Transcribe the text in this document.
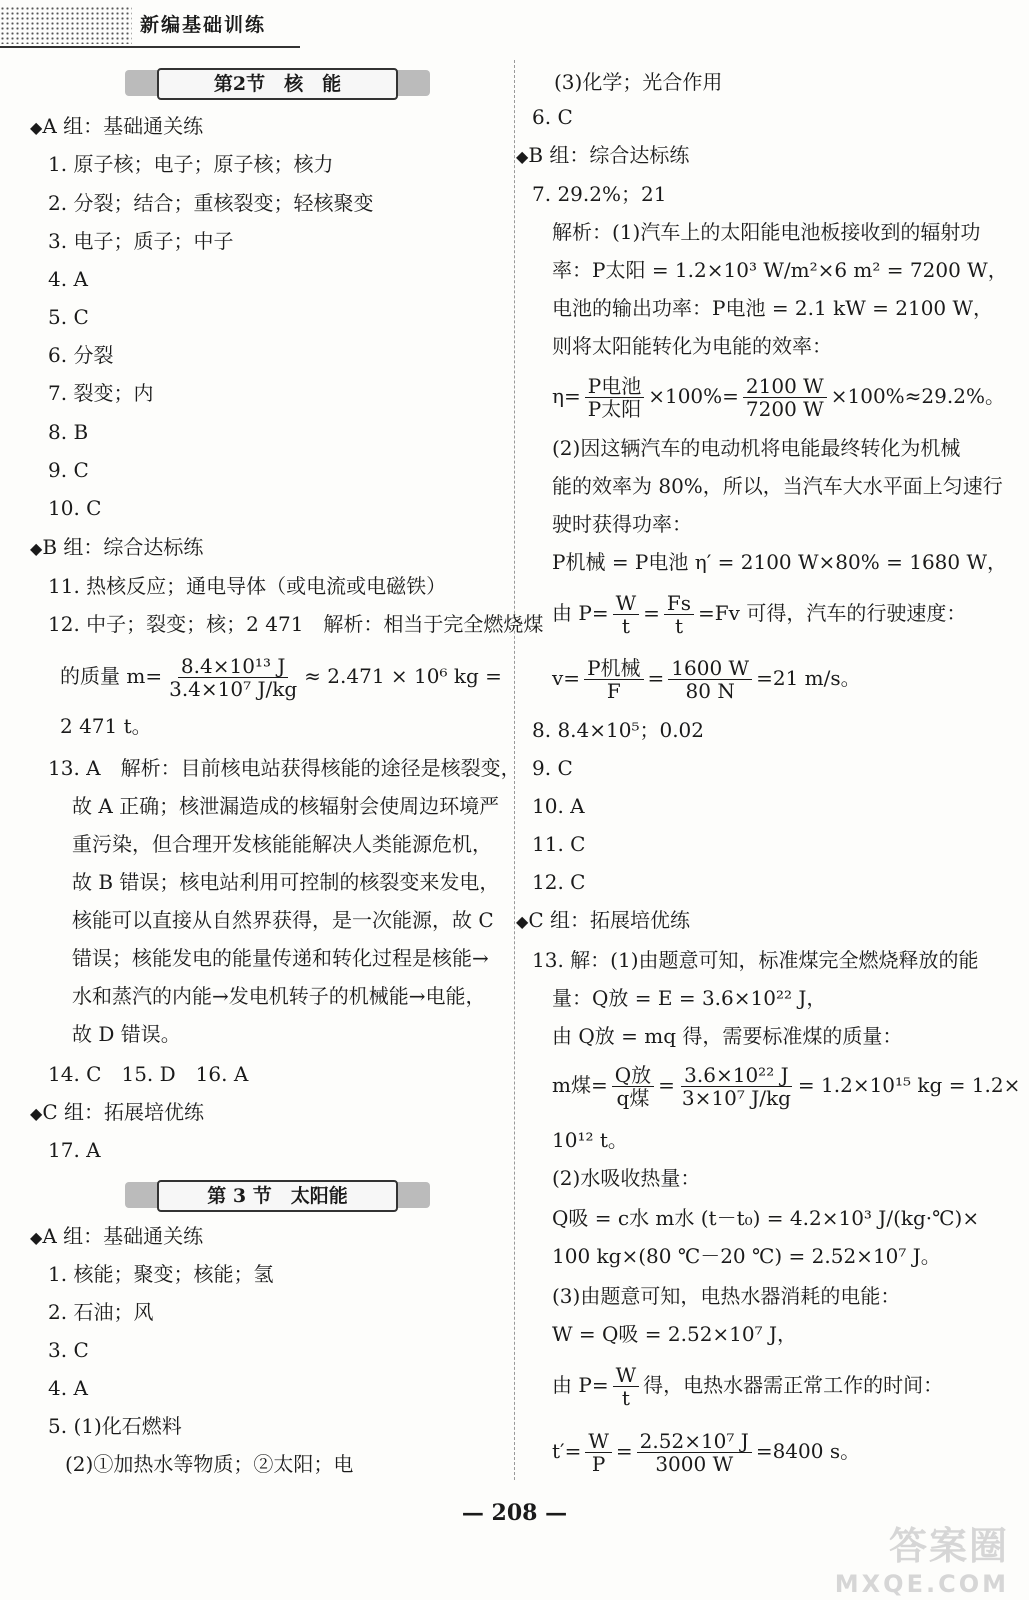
新编基础训练
第2节　核　能
◆A 组：基础通关练
1. 原子核；电子；原子核；核力
2. 分裂；结合；重核裂变；轻核聚变
3. 电子；质子；中子
4. A
5. C
6. 分裂
7. 裂变；内
8. B
9. C
10. C
◆B 组：综合达标练
11. 热核反应；通电导体（或电流或电磁铁）
12. 中子；裂变；核；2 471　解析：相当于完全燃烧煤
的质量 $m= \frac{\text{8.4×10¹³ J}}{\text{3.4×10⁷ J/kg}} \approx 2.471 \times 10^6$ kg =
2 471 t。
13. A　解析：目前核电站获得核能的途径是核裂变，
故 A 正确；核泄漏造成的核辐射会使周边环境严
重污染，但合理开发核能能解决人类能源危机，
故 B 错误；核电站利用可控制的核裂变来发电，
核能可以直接从自然界获得，是一次能源，故 C
错误；核能发电的能量传递和转化过程是核能→
水和蒸汽的内能→发电机转子的机械能→电能，
故 D 错误。
14. C　15. D　16. A
◆C 组：拓展培优练
17. A
第 3 节　太阳能
◆A 组：基础通关练
1. 核能；聚变；核能；氢
2. 石油；风
3. C
4. A
5. (1)化石燃料
(2)①加热水等物质；②太阳；电
(3)化学；光合作用
6. C
◆B 组：综合达标练
7. 29.2%；21
解析：(1)汽车上的太阳能电池板接收到的辐射功
率：P太阳 = 1.2×10³ W/m²×6 m² = 7200 W，
电池的输出功率：P电池 = 2.1 kW = 2100 W，
则将太阳能转化为电能的效率：
$\eta= \frac{\text{P电池}}{\text{P太阳}} \times 100\%= \frac{2100 W}{7200 W} \times 100\%\approx 29.2\%$。
(2)因这辆汽车的电动机将电能最终转化为机械
能的效率为 80%，所以，当汽车大水平面上匀速行
驶时获得功率：
P机械 = P电池 η′ = 2100 W×80% = 1680 W，
由 $P= \frac{W}{t} = \frac{Fs}{t} =Fv$ 可得，汽车的行驶速度：
$v= \frac{\text{P机械}}{F} = \frac{1600 W}{80 N} =21$ m/s。
8. 8.4×10⁵；0.02
9. C
10. A
11. C
12. C
◆C 组：拓展培优练
13. 解：(1)由题意可知，标准煤完全燃烧释放的能
量：Q放 = E = 3.6×10²² J，
由 Q放 = mq 得，需要标准煤的质量：
m煤= $\frac{\text{Q放}}{\text{q煤}} = \frac{\text{3.6×10²² J}}{\text{3×10⁷ J/kg}} = 1.2\times 10^{15}$ kg = 1.2×
10¹² t。
(2)水吸收热量：
Q吸 = c水 m水 (t－t₀) = 4.2×10³ J/(kg·℃)×
100 kg×(80 ℃－20 ℃) = 2.52×10⁷ J。
(3)由题意可知，电热水器消耗的电能：
W = Q吸 = 2.52×10⁷ J，
由 $P= \frac{W}{t}$ 得，电热水器需正常工作的时间：
$t'= \frac{W}{P} = \frac{\text{2.52×10⁷ J}}{3000 W} =8400$ s。
— 208 —
答案圈
MXQE.COM
